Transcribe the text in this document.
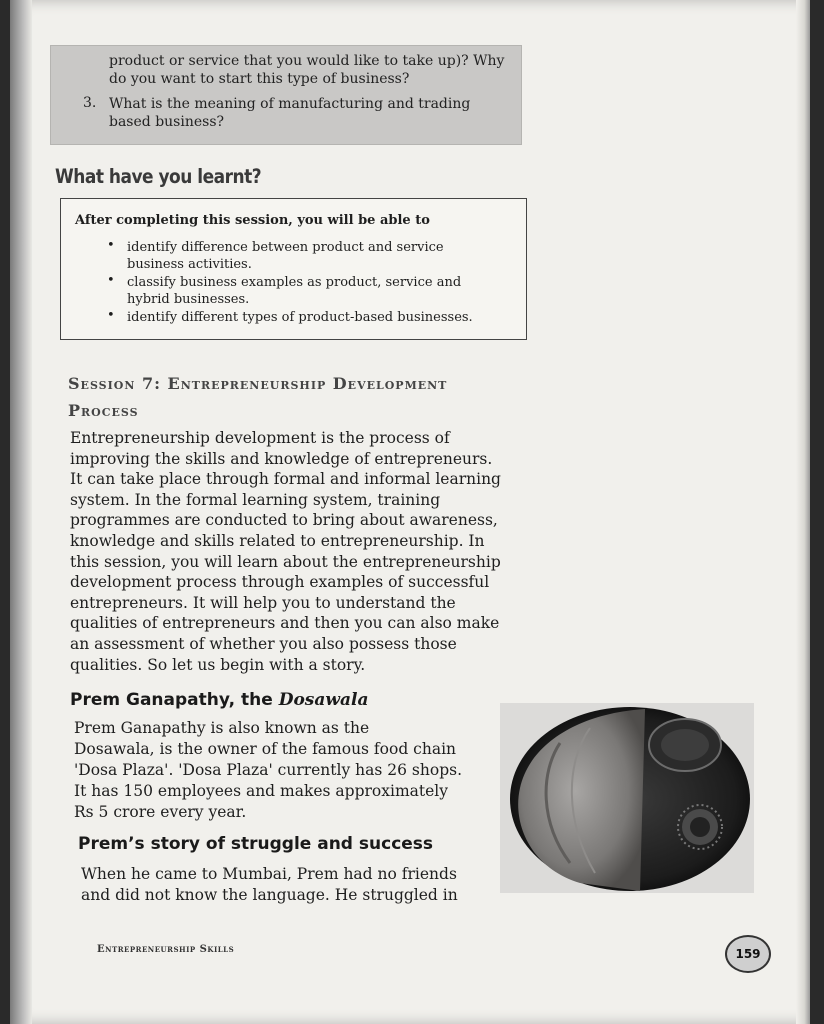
product or service that you would like to take up)? Why
do you want to start this type of business?
3. What is the meaning of manufacturing and trading
based business?
What have you learnt?
After completing this session, you will be able to
• identify difference between product and service
business activities.
• classify business examples as product, service and
hybrid businesses.
• identify different types of product-based businesses.
Session 7: Entrepreneurship Development
Process
Entrepreneurship development is the process of
improving the skills and knowledge of entrepreneurs.
It can take place through formal and informal learning
system. In the formal learning system, training
programmes are conducted to bring about awareness,
knowledge and skills related to entrepreneurship. In
this session, you will learn about the entrepreneurship
development process through examples of successful
entrepreneurs. It will help you to understand the
qualities of entrepreneurs and then you can also make
an assessment of whether you also possess those
qualities. So let us begin with a story.
Prem Ganapathy, the Dosawala
Prem Ganapathy is also known as the
Dosawala, is the owner of the famous food chain
'Dosa Plaza'. 'Dosa Plaza' currently has 26 shops.
It has 150 employees and makes approximately
Rs 5 crore every year.
Prem’s story of struggle and success
When he came to Mumbai, Prem had no friends
and did not know the language. He struggled in
Entrepreneurship Skills	159
